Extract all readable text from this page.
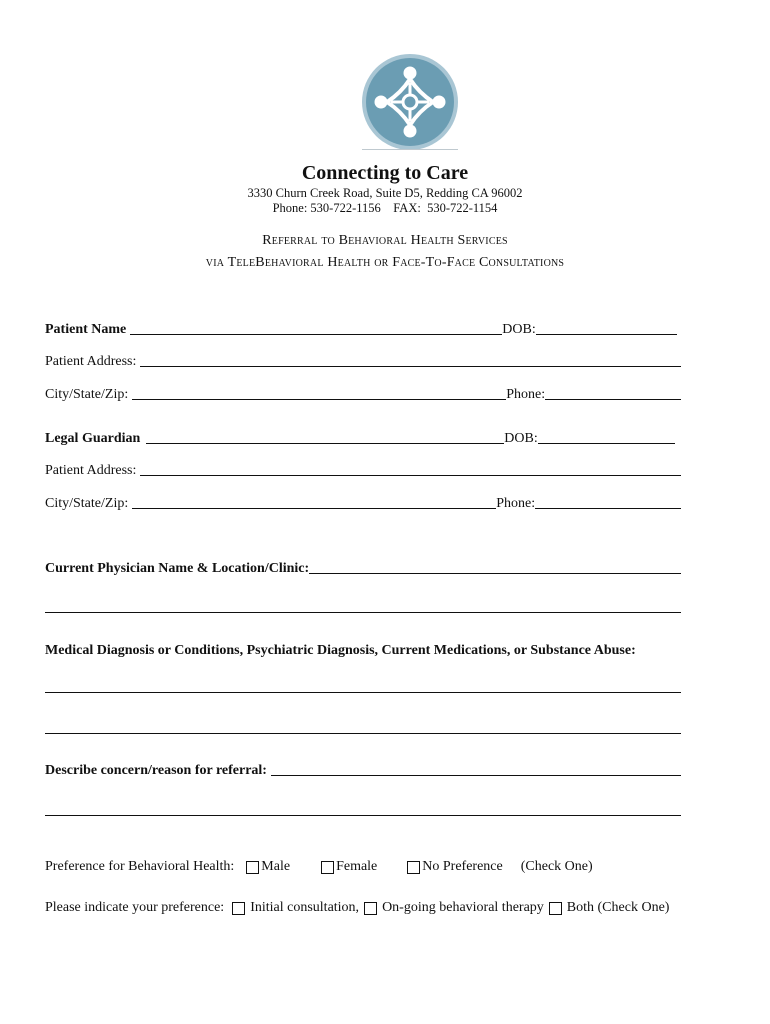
Connecting to Care
3330 Churn Creek Road, Suite D5, Redding CA 96002
Phone: 530-722-1156    FAX:  530-722-1154
Referral to Behavioral Health Services
via TeleBehavioral Health or Face-To-Face Consultations
Patient Name	DOB:
Patient Address:
City/State/Zip:	Phone:
Legal Guardian	DOB:
Patient Address:
City/State/Zip:	Phone:
Current Physician Name & Location/Clinic:
Medical Diagnosis or Conditions, Psychiatric Diagnosis, Current Medications, or Substance Abuse:
Describe concern/reason for referral:
Preference for Behavioral Health: Male	Female	No Preference (Check One)
Please indicate your preference: Initial consultation, On-going behavioral therapy Both (Check One)
